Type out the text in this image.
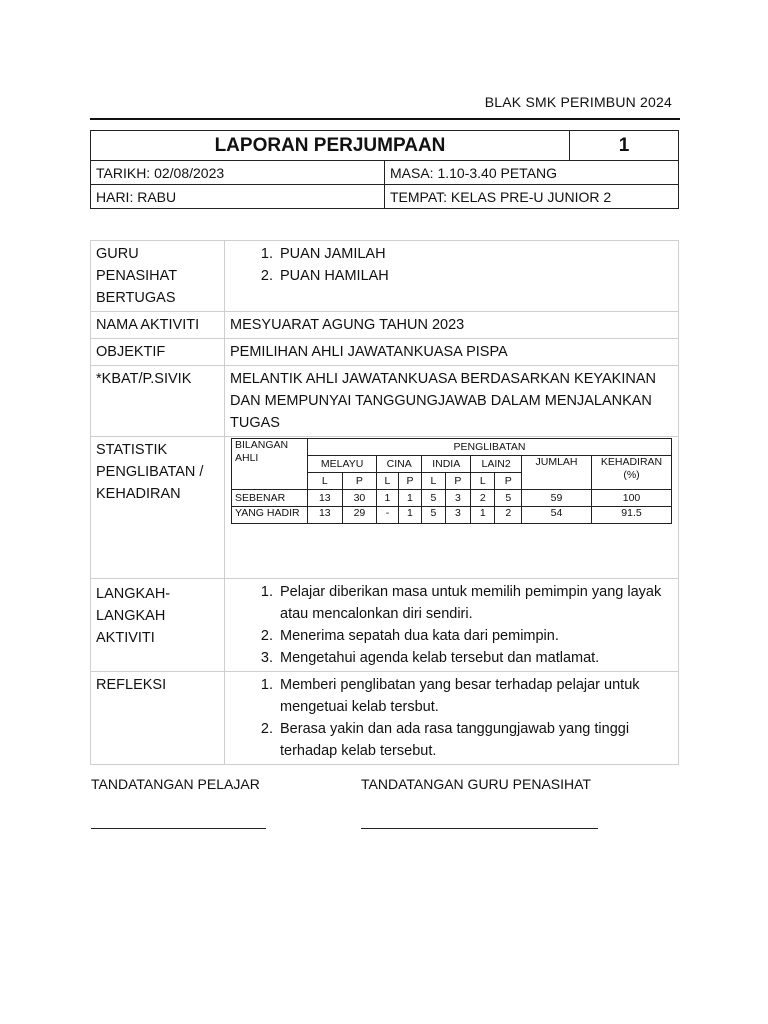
BLAK SMK PERIMBUN 2024
LAPORAN PERJUMPAAN		1
TARIKH: 02/08/2023	MASA: 1.10-3.40 PETANG	
HARI: RABU	TEMPAT: KELAS PRE-U JUNIOR 2	
GURU PENASIHAT BERTUGAS	
1. PUAN JAMILAH
2. PUAN HAMILAH

NAMA AKTIVITI	MESYUARAT AGUNG TAHUN 2023
OBJEKTIF	PEMILIHAN AHLI JAWATANKUASA PISPA
*KBAT/P.SIVIK	MELANTIK AHLI JAWATANKUASA BERDASARKAN KEYAKINAN DAN MEMPUNYAI TANGGUNGJAWAB DALAM MENJALANKAN TUGAS
STATISTIK PENGLIBATAN / KEHADIRAN	
BILANGAN AHLI	PENGLIBATAN
MELAYU	CINA	INDIA	LAIN2	JUMLAH	KEHADIRAN (%)
L	P	L	P	L	P	L	P
SEBENAR	13	30	1	1	5	3	2	5	59	100
YANG HADIR	13	29	-	1	5	3	1	2	54	91.5

LANGKAH-LANGKAH AKTIVITI	
1. Pelajar diberikan masa untuk memilih pemimpin yang layak atau mencalonkan diri sendiri.
2. Menerima sepatah dua kata dari pemimpin.
3. Mengetahui agenda kelab tersebut dan matlamat.

REFLEKSI	
1.Memberi penglibatan yang besar terhadap pelajar untuk mengetuai kelab tersbut.
2. Berasa yakin dan ada rasa tanggungjawab yang tinggi terhadap kelab tersebut.
TANDATANGAN PELAJAR	TANDATANGAN GURU PENASIHAT
